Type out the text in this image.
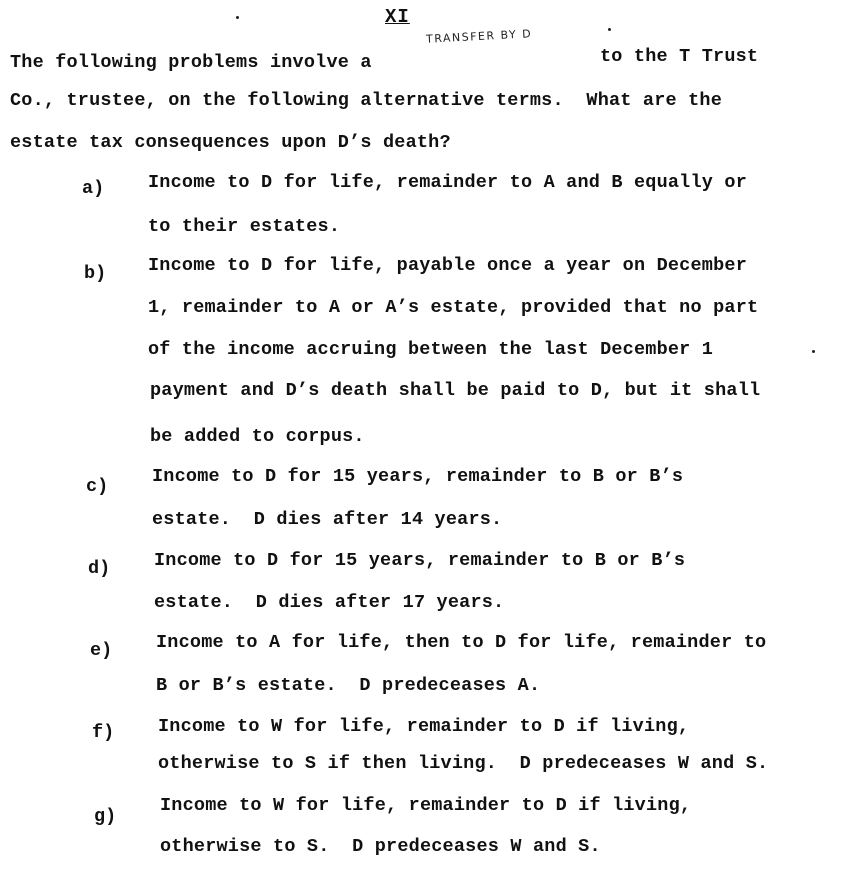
XI
TRANSFER BY D
The following problems involve a	to the T Trust
Co., trustee, on the following alternative terms.  What are the
estate tax consequences upon D’s death?
a) Income to D for life, remainder to A and B equally or
to their estates.
b) Income to D for life, payable once a year on December
1, remainder to A or A’s estate, provided that no part
of the income accruing between the last December 1
payment and D’s death shall be paid to D, but it shall
be added to corpus.
c) Income to D for 15 years, remainder to B or B’s
estate.  D dies after 14 years.
d) Income to D for 15 years, remainder to B or B’s
estate.  D dies after 17 years.
e) Income to A for life, then to D for life, remainder to
B or B’s estate.  D predeceases A.
f) Income to W for life, remainder to D if living,
otherwise to S if then living.  D predeceases W and S.
g)
Income to W for life, remainder to D if living,
otherwise to S.  D predeceases W and S.
